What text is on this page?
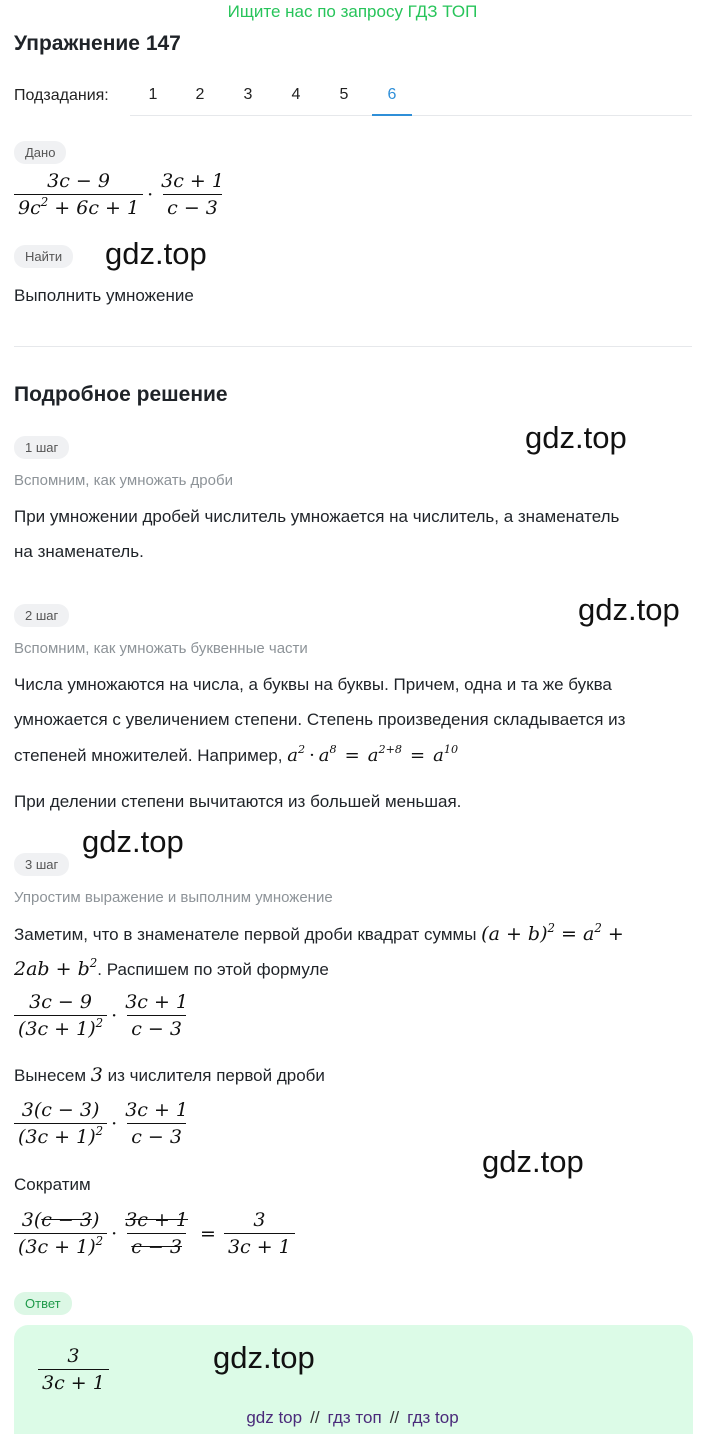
Ищите нас по запросу ГДЗ ТОП
Упражнение 147
Подзадания:	1	2	3	4	5	6
Дано
$\frac{3c - 9}{9c^2 + 6c + 1} \cdot \frac{3c + 1}{c - 3}$
Найти	gdz.top
Выполнить умножение
Подробное решение
1 шаг	gdz.top
Вспомним, как умножать дроби
При умножении дробей числитель умножается на числитель, а знаменатель
на знаменатель.
2 шаг	gdz.top
Вспомним, как умножать буквенные части
Числа умножаются на числа, а буквы на буквы. Причем, одна и та же буква
умножается с увеличением степени. Степень произведения складывается из
степеней множителей. Например, $a^2 \cdot a^8 = a^{2+8} = a^{10}$
При делении степени вычитаются из большей меньшая.
gdz.top
3 шаг
Упростим выражение и выполним умножение
Заметим, что в знаменателе первой дроби квадрат суммы $(a + b)^2 = a^2$ +
$2ab + b^2$. Распишем по этой формуле
$\frac{3c - 9}{(3c + 1)^2} \cdot \frac{3c + 1}{c - 3}$
Вынесем 3 из числителя первой дроби
$\frac{3(c - 3)}{(3c + 1)^2} \cdot \frac{3c + 1}{c - 3}$
gdz.top
Сократим
$\frac{3(c - 3)}{(3c + 1)^2} \cdot \frac{3c + 1}{c - 3} = \frac{3}{3c + 1}$
Ответ
$\frac{3}{3c + 1}$	gdz.top
gdz top // гдз топ // гдз top
